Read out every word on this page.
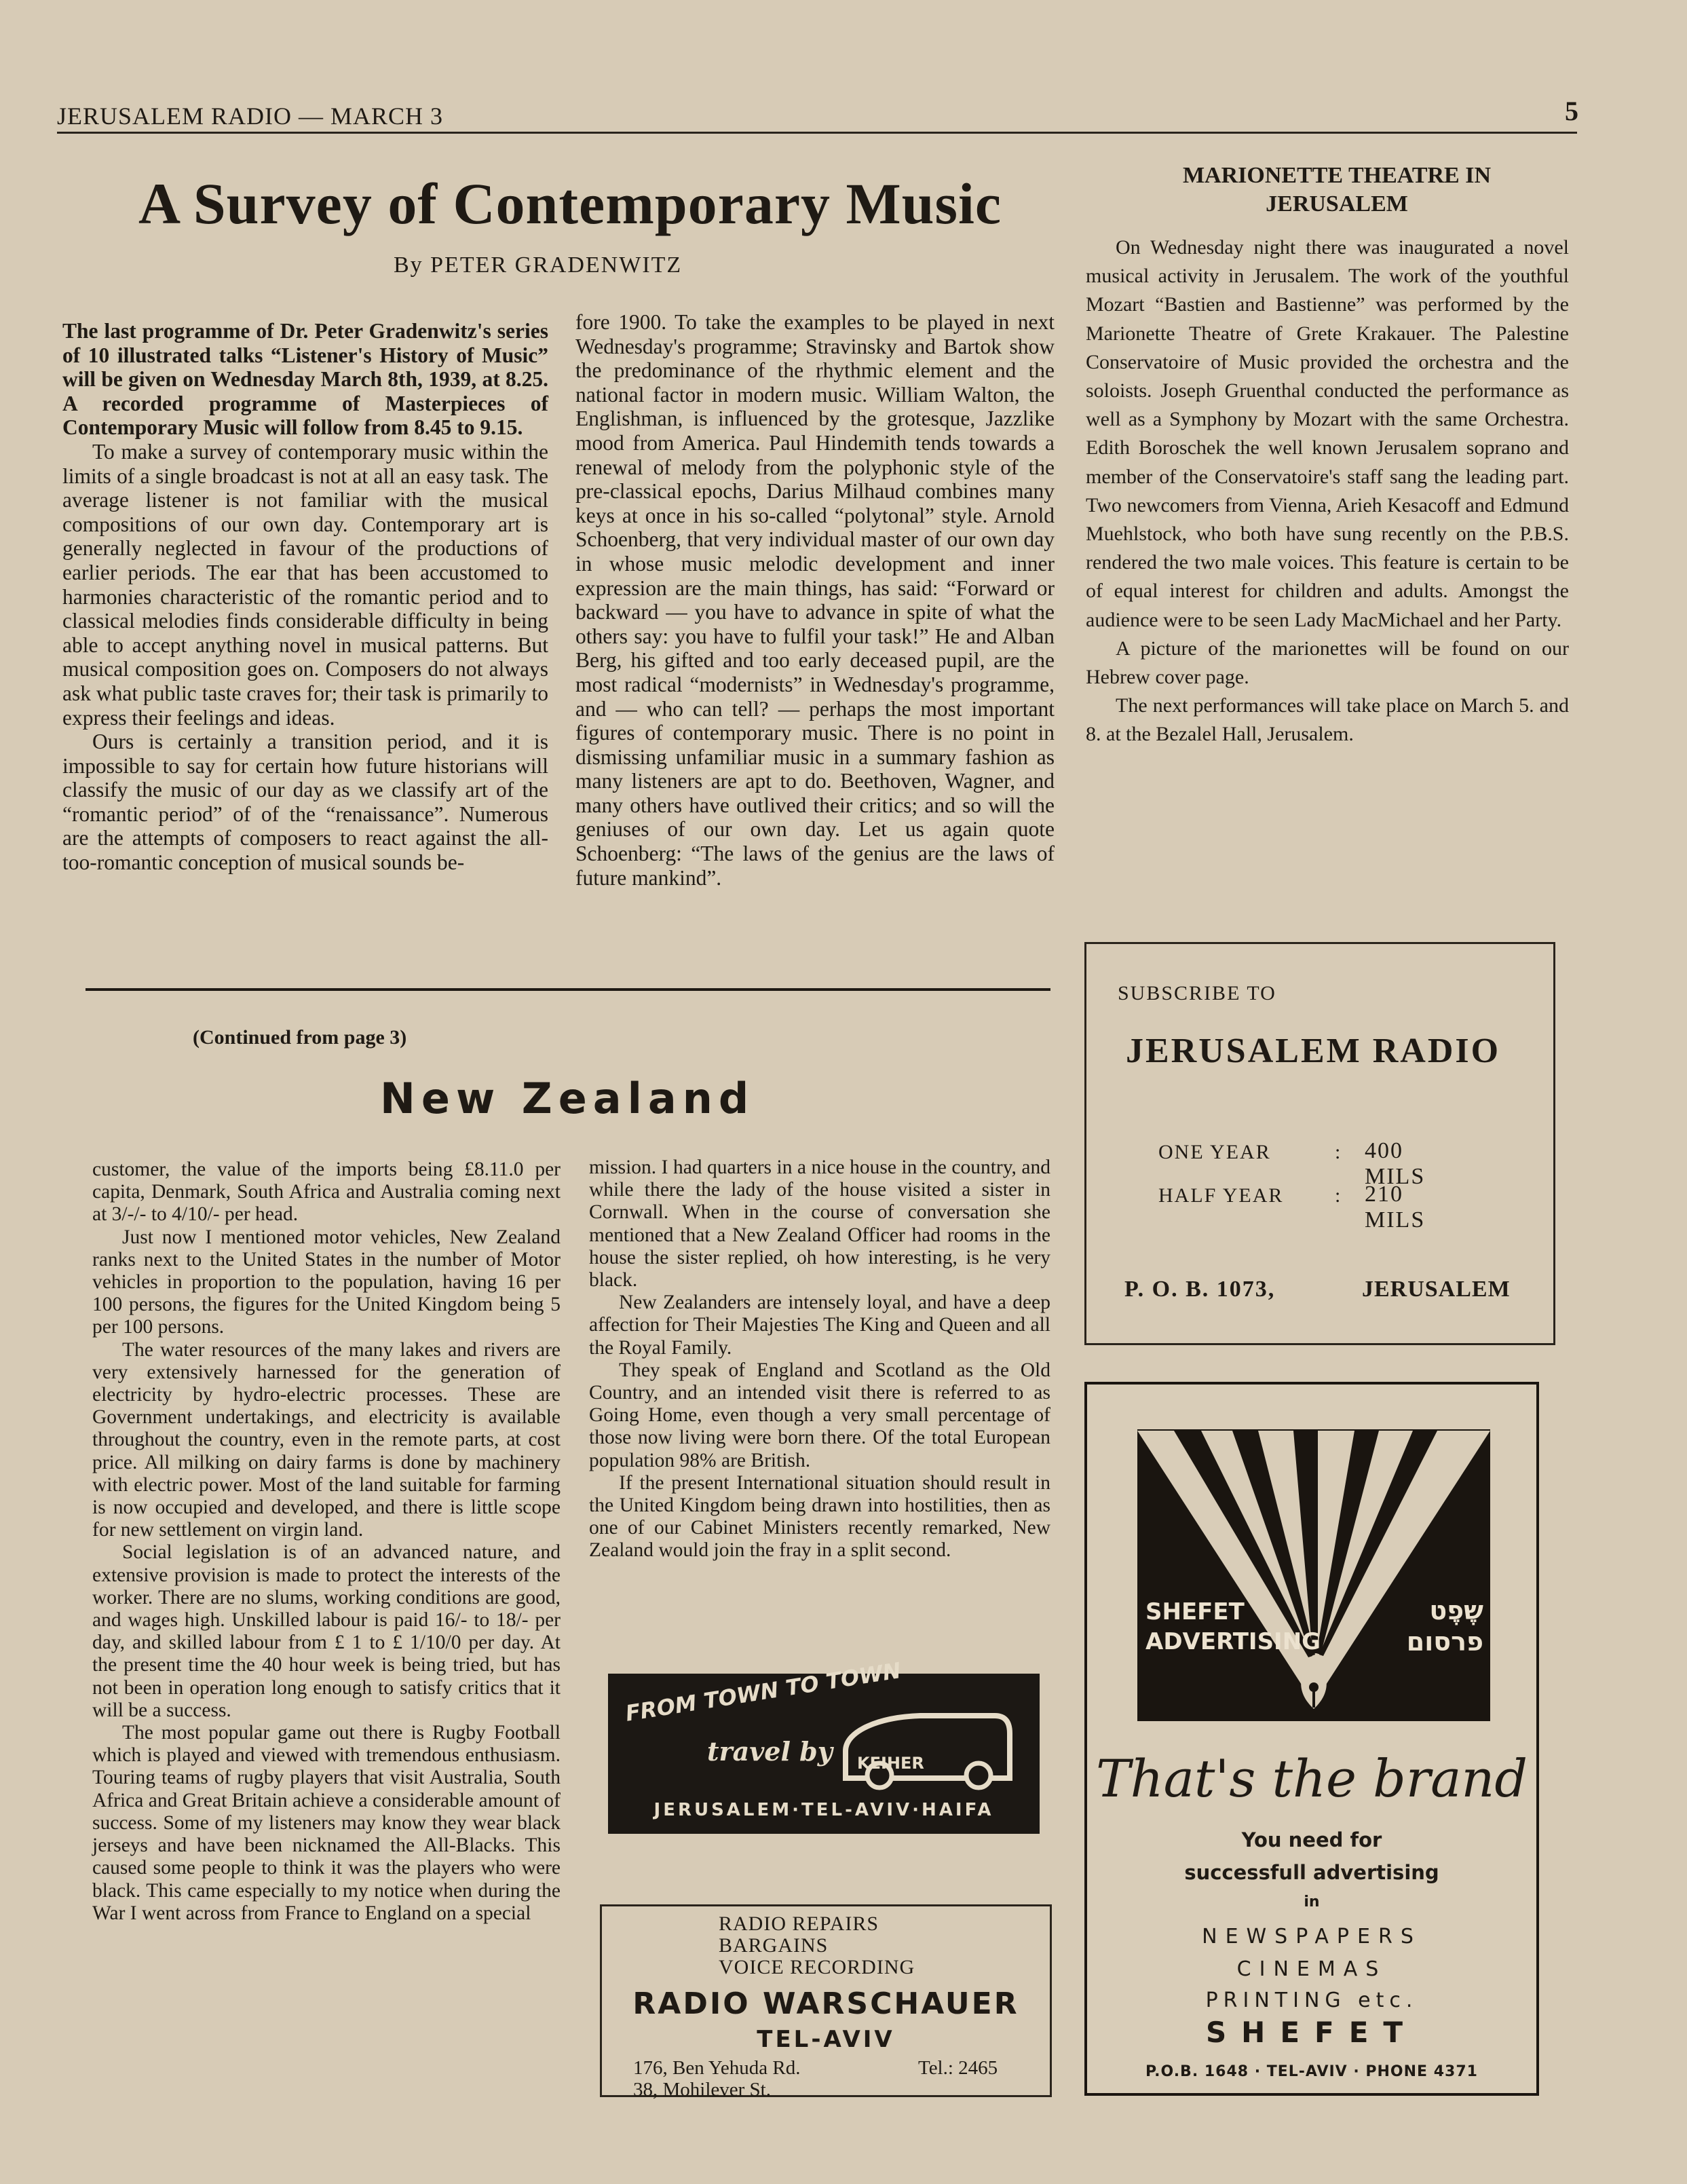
JERUSALEM RADIO — MARCH 3	5
A Survey of Contemporary Music
By PETER GRADENWITZ

The last programme of Dr. Peter Gradenwitz's series of 10 illustrated talks “Listener's History of Music” will be given on Wednesday March 8th, 1939, at 8.25. A recorded programme of Masterpieces of Contemporary Music will follow from 8.45 to 9.15.

To make a survey of contemporary music within the limits of a single broadcast is not at all an easy task. The average listener is not familiar with the musical compositions of our own day. Contemporary art is generally neglected in favour of the productions of earlier periods. The ear that has been accustomed to harmonies characteristic of the romantic period and to classical melodies finds considerable difficulty in being able to accept anything novel in musical patterns. But musical composition goes on. Composers do not always ask what public taste craves for; their task is primarily to express their feelings and ideas.

Ours is certainly a transition period, and it is impossible to say for certain how future historians will classify the music of our day as we classify art of the “romantic period” of of the “renaissance”. Numerous are the attempts of composers to react against the all-too-romantic conception of musical sounds be-

fore 1900. To take the examples to be played in next Wednesday's programme; Stravinsky and Bartok show the predominance of the rhythmic element and the national factor in modern music. William Walton, the Englishman, is influenced by the grotesque, Jazzlike mood from America. Paul Hindemith tends towards a renewal of melody from the polyphonic style of the pre-classical epochs, Darius Milhaud combines many keys at once in his so-called “polytonal” style. Arnold Schoenberg, that very individual master of our own day in whose music melodic development and inner expression are the main things, has said: “Forward or backward — you have to advance in spite of what the others say: you have to fulfil your task!” He and Alban Berg, his gifted and too early deceased pupil, are the most radical “modernists” in Wednesday's programme, and — who can tell? — perhaps the most important figures of contemporary music. There is no point in dismissing unfamiliar music in a summary fashion as many listeners are apt to do. Beethoven, Wagner, and many others have outlived their critics; and so will the geniuses of our own day. Let us again quote Schoenberg: “The laws of the genius are the laws of future mankind”.

MARIONETTE THEATRE IN
JERUSALEM

On Wednesday night there was inaugurated a novel musical activity in Jerusalem. The work of the youthful Mozart “Bastien and Bastienne” was performed by the Marionette Theatre of Grete Krakauer. The Palestine Conservatoire of Music provided the orchestra and the soloists. Joseph Gruenthal conducted the performance as well as a Symphony by Mozart with the same Orchestra. Edith Boroschek the well known Jerusalem soprano and member of the Conservatoire's staff sang the leading part. Two newcomers from Vienna, Arieh Kesacoff and Edmund Muehlstock, who both have sung recently on the P.B.S. rendered the two male voices. This feature is certain to be of equal interest for children and adults. Amongst the audience were to be seen Lady MacMichael and her Party.

A picture of the marionettes will be found on our Hebrew cover page.

The next performances will take place on March 5. and 8. at the Bezalel Hall, Jerusalem.

(Continued from page 3)
New Zealand

customer, the value of the imports being £8.11.0 per capita, Denmark, South Africa and Australia coming next at 3/-/- to 4/10/- per head.

Just now I mentioned motor vehicles, New Zealand ranks next to the United States in the number of Motor vehicles in proportion to the population, having 16 per 100 persons, the figures for the United Kingdom being 5 per 100 persons.

The water resources of the many lakes and rivers are very extensively harnessed for the generation of electricity by hydro-electric processes. These are Government undertakings, and electricity is available throughout the country, even in the remote parts, at cost price. All milking on dairy farms is done by machinery with electric power. Most of the land suitable for farming is now occupied and developed, and there is little scope for new settlement on virgin land.

Social legislation is of an advanced nature, and extensive provision is made to protect the interests of the worker. There are no slums, working conditions are good, and wages high. Unskilled labour is paid 16/- to 18/- per day, and skilled labour from £ 1 to £ 1/10/0 per day. At the present time the 40 hour week is being tried, but has not been in operation long enough to satisfy critics that it will be a success.

The most popular game out there is Rugby Football which is played and viewed with tremendous enthusiasm. Touring teams of rugby players that visit Australia, South Africa and Great Britain achieve a considerable amount of success. Some of my listeners may know they wear black jerseys and have been nicknamed the All-Blacks. This caused some people to think it was the players who were black. This came especially to my notice when during the War I went across from France to England on a special

mission. I had quarters in a nice house in the country, and while there the lady of the house visited a sister in Cornwall. When in the course of conversation she mentioned that a New Zealand Officer had rooms in the house the sister replied, oh how interesting, is he very black.

New Zealanders are intensely loyal, and have a deep affection for Their Majesties The King and Queen and all the Royal Family.

They speak of England and Scotland as the Old Country, and an intended visit there is referred to as Going Home, even though a very small percentage of those now living were born there. Of the total European population 98% are British.

If the present International situation should result in the United Kingdom being drawn into hostilities, then as one of our Cabinet Ministers recently remarked, New Zealand would join the fray in a split second.

SUBSCRIBE TO
JERUSALEM RADIO
ONE YEAR	: 400 MILS
HALF YEAR	: 210 MILS
P. O. B. 1073,	JERUSALEM
SHEFET
ADVERTISING
שֶפֶט
פרסום
That's the brand
You need for
successfull advertising
in
NEWSPAPERS
CINEMAS
PRINTING etc.
SHEFET
P.O.B. 1648 · TEL-AVIV · PHONE 4371
FROM TOWN TO TOWN
travel by KEIHER
JERUSALEM·TEL-AVIV·HAIFA
RADIO REPAIRS
BARGAINS
VOICE RECORDING
RADIO WARSCHAUER
TEL-AVIV
176, Ben Yehuda Rd.
38, Mohilever St.
Tel.: 2465
